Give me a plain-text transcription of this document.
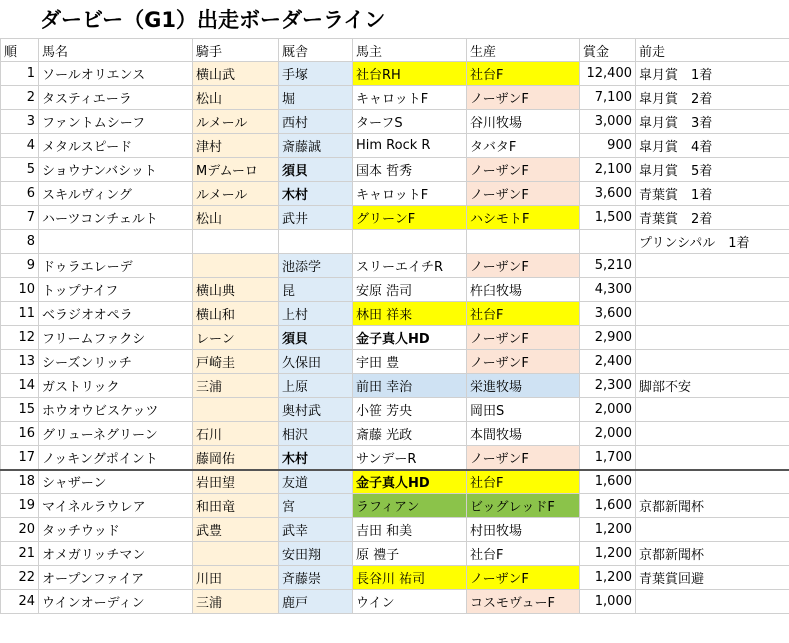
ダービー（G1）出走ボーダーライン
順	馬名	騎手	厩舎	馬主	生産	賞金	前走
1	ソールオリエンス	横山武	手塚	社台RH	社台F	12,400	皐月賞　1着
2	タスティエーラ	松山	堀	キャロットF	ノーザンF	7,100	皐月賞　2着
3	ファントムシーフ	ルメール	西村	ターフS	谷川牧場	3,000	皐月賞　3着
4	メタルスピード	津村	斎藤誠	Him Rock R	タバタF	900	皐月賞　4着
5	ショウナンバシット	Mデムーロ	須貝	国本 哲秀	ノーザンF	2,100	皐月賞　5着
6	スキルヴィング	ルメール	木村	キャロットF	ノーザンF	3,600	青葉賞　1着
7	ハーツコンチェルト	松山	武井	グリーンF	ハシモトF	1,500	青葉賞　2着
8							プリンシパル　1着
9	ドゥラエレーデ		池添学	スリーエイチR	ノーザンF	5,210	
10	トップナイフ	横山典	昆	安原 浩司	杵臼牧場	4,300	
11	ベラジオオペラ	横山和	上村	林田 祥来	社台F	3,600	
12	フリームファクシ	レーン	須貝	金子真人HD	ノーザンF	2,900	
13	シーズンリッチ	戸崎圭	久保田	宇田 豊	ノーザンF	2,400	
14	ガストリック	三浦	上原	前田 幸治	栄進牧場	2,300	脚部不安
15	ホウオウビスケッツ		奥村武	小笹 芳央	岡田S	2,000	
16	グリューネグリーン	石川	相沢	斎藤 光政	本間牧場	2,000	
17	ノッキングポイント	藤岡佑	木村	サンデーR	ノーザンF	1,700	
18	シャザーン	岩田望	友道	金子真人HD	社台F	1,600	
19	マイネルラウレア	和田竜	宮	ラフィアン	ビッグレッドF	1,600	京都新聞杯
20	タッチウッド	武豊	武幸	吉田 和美	村田牧場	1,200	
21	オメガリッチマン		安田翔	原 禮子	社台F	1,200	京都新聞杯
22	オープンファイア	川田	斉藤崇	長谷川 祐司	ノーザンF	1,200	青葉賞回避
24	ウインオーディン	三浦	鹿戸	ウイン	コスモヴューF	1,000	
